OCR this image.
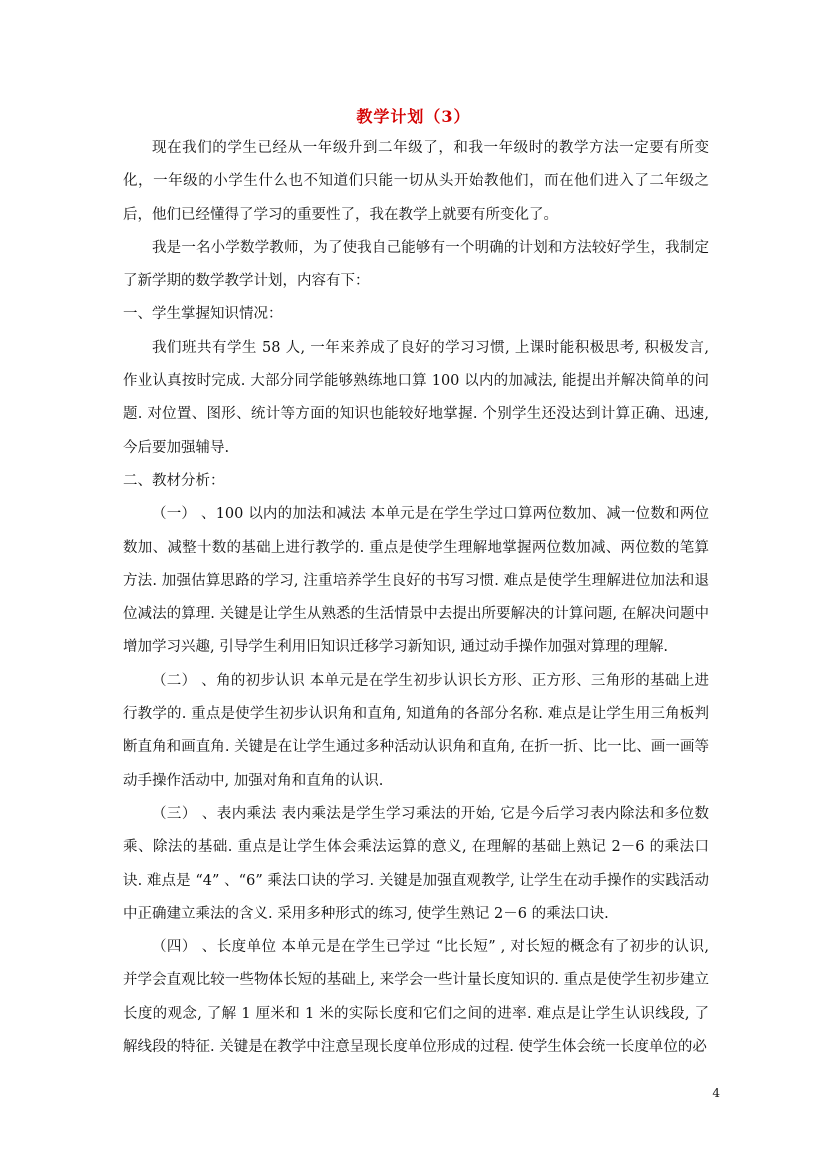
教学计划（3）

现在我们的学生已经从一年级升到二年级了，和我一年级时的教学方法一定要有所变化，一年级的小学生什么也不知道们只能一切从头开始教他们，而在他们进入了二年级之后，他们已经懂得了学习的重要性了，我在教学上就要有所变化了。

我是一名小学数学教师，为了使我自己能够有一个明确的计划和方法较好学生，我制定了新学期的数学教学计划，内容有下：

一、学生掌握知识情况：

我们班共有学生 58 人, 一年来养成了良好的学习习惯, 上课时能积极思考, 积极发言, 作业认真按时完成. 大部分同学能够熟练地口算 100 以内的加减法, 能提出并解决简单的问题. 对位置、图形、统计等方面的知识也能较好地掌握. 个别学生还没达到计算正确、迅速, 今后要加强辅导.

二、教材分析：

（一） 、100 以内的加法和减法 本单元是在学生学过口算两位数加、减一位数和两位数加、减整十数的基础上进行教学的. 重点是使学生理解地掌握两位数加减、两位数的笔算方法. 加强估算思路的学习, 注重培养学生良好的书写习惯. 难点是使学生理解进位加法和退位减法的算理. 关键是让学生从熟悉的生活情景中去提出所要解决的计算问题, 在解决问题中增加学习兴趣, 引导学生利用旧知识迁移学习新知识, 通过动手操作加强对算理的理解.

（二） 、角的初步认识 本单元是在学生初步认识长方形、正方形、三角形的基础上进行教学的. 重点是使学生初步认识角和直角, 知道角的各部分名称. 难点是让学生用三角板判断直角和画直角. 关键是在让学生通过多种活动认识角和直角, 在折一折、比一比、画一画等动手操作活动中, 加强对角和直角的认识.

（三） 、表内乘法 表内乘法是学生学习乘法的开始, 它是今后学习表内除法和多位数乘、除法的基础. 重点是让学生体会乘法运算的意义, 在理解的基础上熟记 2－6 的乘法口诀. 难点是 “4” 、“6” 乘法口诀的学习. 关键是加强直观教学, 让学生在动手操作的实践活动中正确建立乘法的含义. 采用多种形式的练习, 使学生熟记 2－6 的乘法口诀.

（四） 、长度单位 本单元是在学生已学过 “比长短” , 对长短的概念有了初步的认识, 并学会直观比较一些物体长短的基础上, 来学会一些计量长度知识的. 重点是使学生初步建立长度的观念, 了解 1 厘米和 1 米的实际长度和它们之间的进率. 难点是让学生认识线段, 了解线段的特征. 关键是在教学中注意呈现长度单位形成的过程. 使学生体会统一长度单位的必

4
